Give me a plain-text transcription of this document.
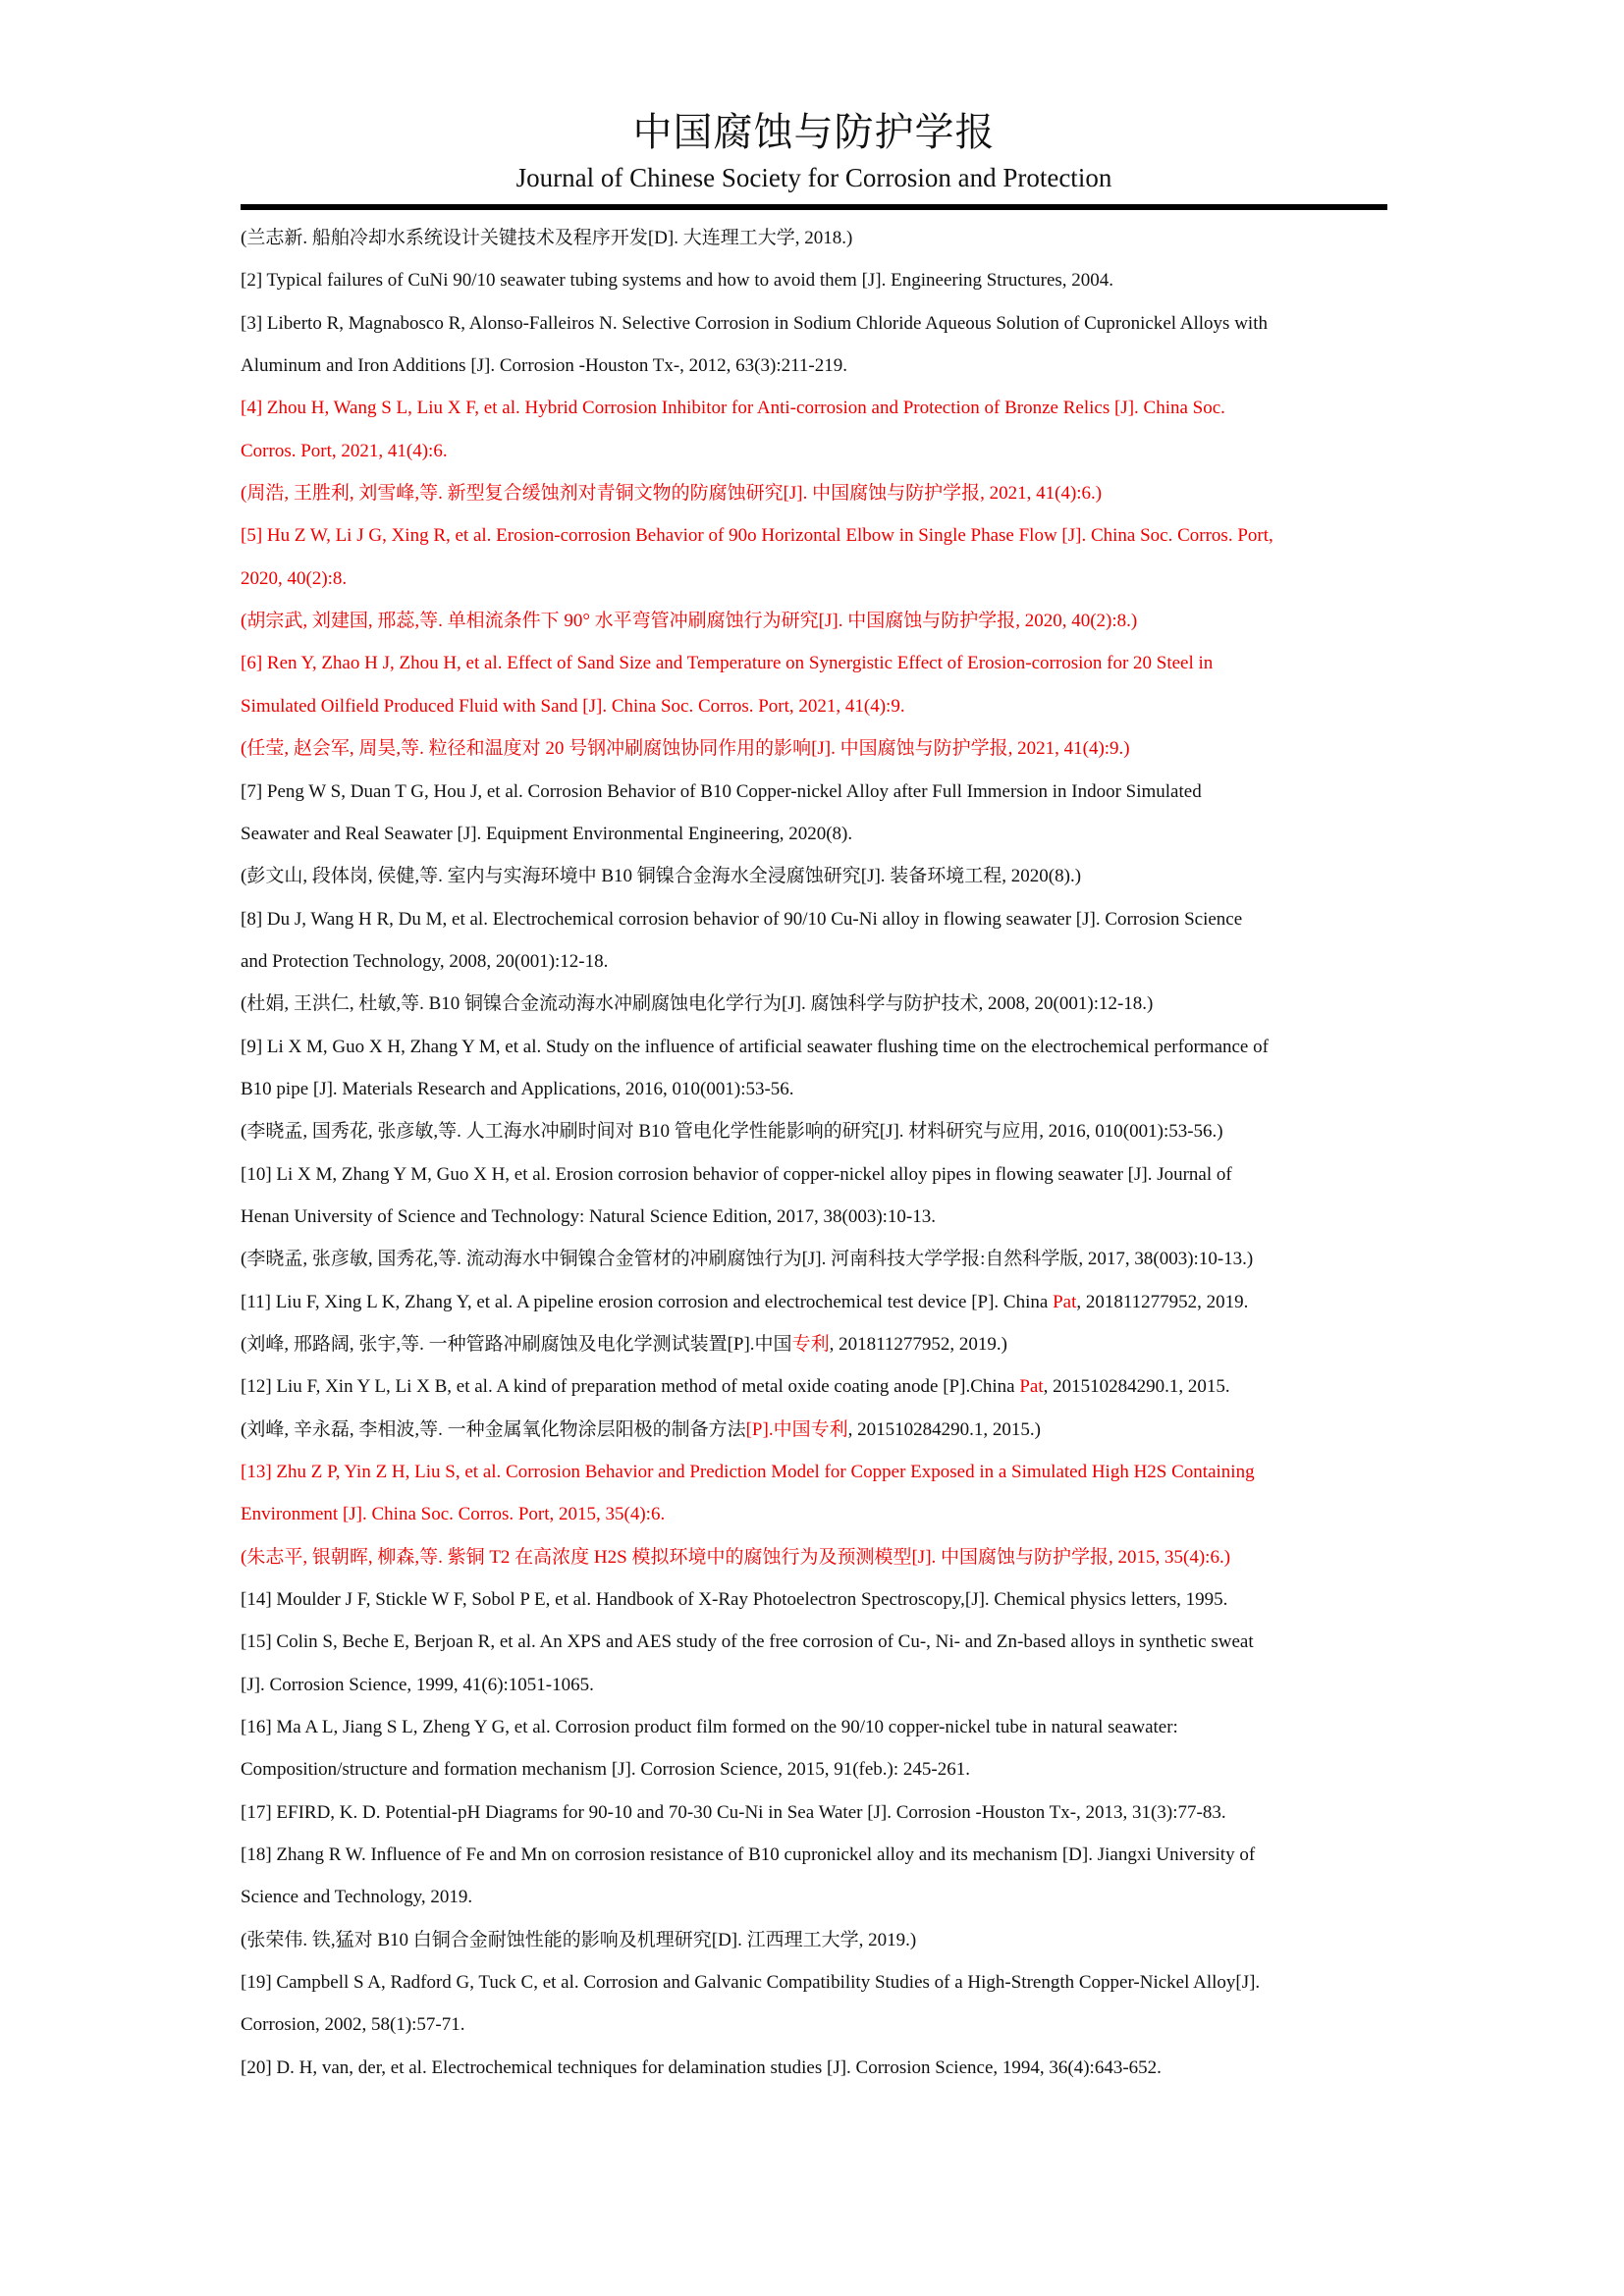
中国腐蚀与防护学报
Journal of Chinese Society for Corrosion and Protection
(兰志新. 船舶冷却水系统设计关键技术及程序开发[D]. 大连理工大学, 2018.)
[2] Typical failures of CuNi 90/10 seawater tubing systems and how to avoid them [J]. Engineering Structures, 2004.
[3] Liberto R, Magnabosco R, Alonso-Falleiros N. Selective Corrosion in Sodium Chloride Aqueous Solution of Cupronickel Alloys with
Aluminum and Iron Additions [J]. Corrosion -Houston Tx-, 2012, 63(3):211-219.
[4] Zhou H, Wang S L, Liu X F, et al. Hybrid Corrosion Inhibitor for Anti-corrosion and Protection of Bronze Relics [J]. China Soc.
Corros. Port, 2021, 41(4):6.
(周浩, 王胜利, 刘雪峰,等. 新型复合缓蚀剂对青铜文物的防腐蚀研究[J]. 中国腐蚀与防护学报, 2021, 41(4):6.)
[5] Hu Z W, Li J G, Xing R, et al. Erosion-corrosion Behavior of 90o Horizontal Elbow in Single Phase Flow [J]. China Soc. Corros. Port,
2020, 40(2):8.
(胡宗武, 刘建国, 邢蕊,等. 单相流条件下 90° 水平弯管冲刷腐蚀行为研究[J]. 中国腐蚀与防护学报, 2020, 40(2):8.)
[6] Ren Y, Zhao H J, Zhou H, et al. Effect of Sand Size and Temperature on Synergistic Effect of Erosion-corrosion for 20 Steel in
Simulated Oilfield Produced Fluid with Sand [J]. China Soc. Corros. Port, 2021, 41(4):9.
(任莹, 赵会军, 周昊,等. 粒径和温度对 20 号钢冲刷腐蚀协同作用的影响[J]. 中国腐蚀与防护学报, 2021, 41(4):9.)
[7] Peng W S, Duan T G, Hou J, et al. Corrosion Behavior of B10 Copper-nickel Alloy after Full Immersion in Indoor Simulated
Seawater and Real Seawater [J]. Equipment Environmental Engineering, 2020(8).
(彭文山, 段体岗, 侯健,等. 室内与实海环境中 B10 铜镍合金海水全浸腐蚀研究[J]. 装备环境工程, 2020(8).)
[8] Du J, Wang H R, Du M, et al. Electrochemical corrosion behavior of 90/10 Cu-Ni alloy in flowing seawater [J]. Corrosion Science
and Protection Technology, 2008, 20(001):12-18.
(杜娟, 王洪仁, 杜敏,等. B10 铜镍合金流动海水冲刷腐蚀电化学行为[J]. 腐蚀科学与防护技术, 2008, 20(001):12-18.)
[9] Li X M, Guo X H, Zhang Y M, et al. Study on the influence of artificial seawater flushing time on the electrochemical performance of
B10 pipe [J]. Materials Research and Applications, 2016, 010(001):53-56.
(李晓孟, 国秀花, 张彦敏,等. 人工海水冲刷时间对 B10 管电化学性能影响的研究[J]. 材料研究与应用, 2016, 010(001):53-56.)
[10] Li X M, Zhang Y M, Guo X H, et al. Erosion corrosion behavior of copper-nickel alloy pipes in flowing seawater [J]. Journal of
Henan University of Science and Technology: Natural Science Edition, 2017, 38(003):10-13.
(李晓孟, 张彦敏, 国秀花,等. 流动海水中铜镍合金管材的冲刷腐蚀行为[J]. 河南科技大学学报:自然科学版, 2017, 38(003):10-13.)
[11] Liu F, Xing L K, Zhang Y, et al. A pipeline erosion corrosion and electrochemical test device [P]. China Pat, 201811277952, 2019.
(刘峰, 邢路阔, 张宇,等. 一种管路冲刷腐蚀及电化学测试装置[P].中国专利, 201811277952, 2019.)
[12] Liu F, Xin Y L, Li X B, et al. A kind of preparation method of metal oxide coating anode [P].China Pat, 201510284290.1, 2015.
(刘峰, 辛永磊, 李相波,等. 一种金属氧化物涂层阳极的制备方法[P].中国专利, 201510284290.1, 2015.)
[13] Zhu Z P, Yin Z H, Liu S, et al. Corrosion Behavior and Prediction Model for Copper Exposed in a Simulated High H2S Containing
Environment [J]. China Soc. Corros. Port, 2015, 35(4):6.
(朱志平, 银朝晖, 柳森,等. 紫铜 T2 在高浓度 H2S 模拟环境中的腐蚀行为及预测模型[J]. 中国腐蚀与防护学报, 2015, 35(4):6.)
[14] Moulder J F, Stickle W F, Sobol P E, et al. Handbook of X-Ray Photoelectron Spectroscopy,[J]. Chemical physics letters, 1995.
[15] Colin S, Beche E, Berjoan R, et al. An XPS and AES study of the free corrosion of Cu-, Ni- and Zn-based alloys in synthetic sweat
[J]. Corrosion Science, 1999, 41(6):1051-1065.
[16] Ma A L, Jiang S L, Zheng Y G, et al. Corrosion product film formed on the 90/10 copper-nickel tube in natural seawater:
Composition/structure and formation mechanism [J]. Corrosion Science, 2015, 91(feb.): 245-261.
[17] EFIRD, K. D. Potential-pH Diagrams for 90-10 and 70-30 Cu-Ni in Sea Water [J]. Corrosion -Houston Tx-, 2013, 31(3):77-83.
[18] Zhang R W. Influence of Fe and Mn on corrosion resistance of B10 cupronickel alloy and its mechanism [D]. Jiangxi University of
Science and Technology, 2019.
(张荣伟. 铁,猛对 B10 白铜合金耐蚀性能的影响及机理研究[D]. 江西理工大学, 2019.)
[19] Campbell S A, Radford G, Tuck C, et al. Corrosion and Galvanic Compatibility Studies of a High-Strength Copper-Nickel Alloy[J].
Corrosion, 2002, 58(1):57-71.
[20] D. H, van, der, et al. Electrochemical techniques for delamination studies [J]. Corrosion Science, 1994, 36(4):643-652.
